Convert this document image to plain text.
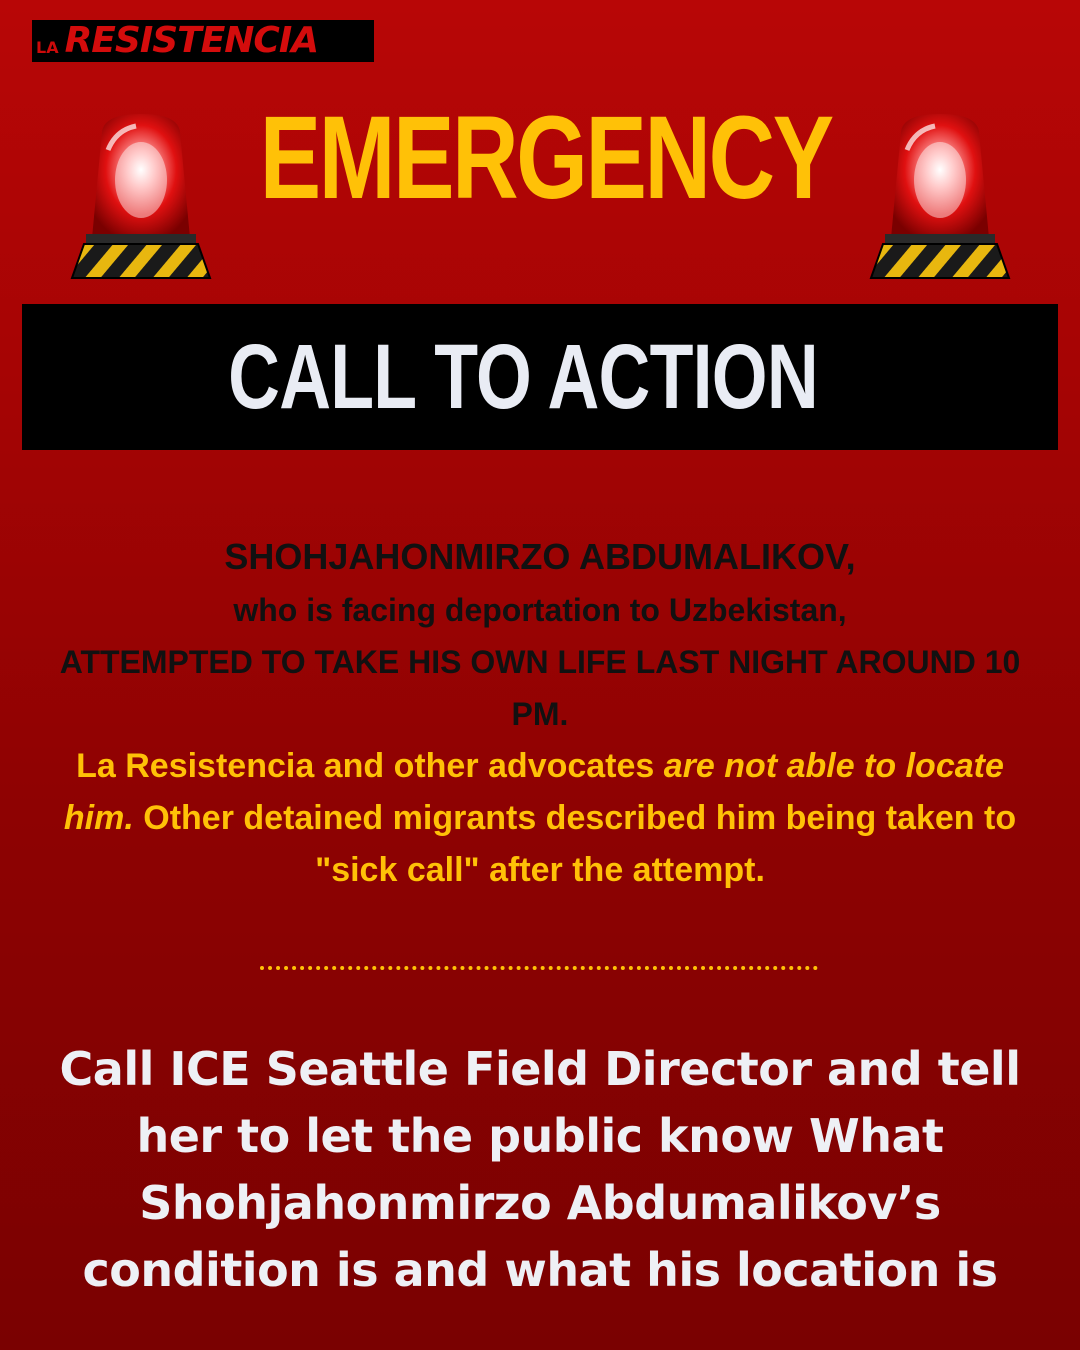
LA RESISTENCIA
EMERGENCY
CALL TO ACTION
SHOHJAHONMIRZO ABDUMALIKOV,
who is facing deportation to Uzbekistan,
ATTEMPTED TO TAKE HIS OWN LIFE LAST NIGHT AROUND 10 PM.
La Resistencia and other advocates are not able to locate him. Other detained migrants described him being taken to "sick call" after the attempt.
Call ICE Seattle Field Director and tell her to let the public know What Shohjahonmirzo Abdumalikov’s condition is and what his location is
